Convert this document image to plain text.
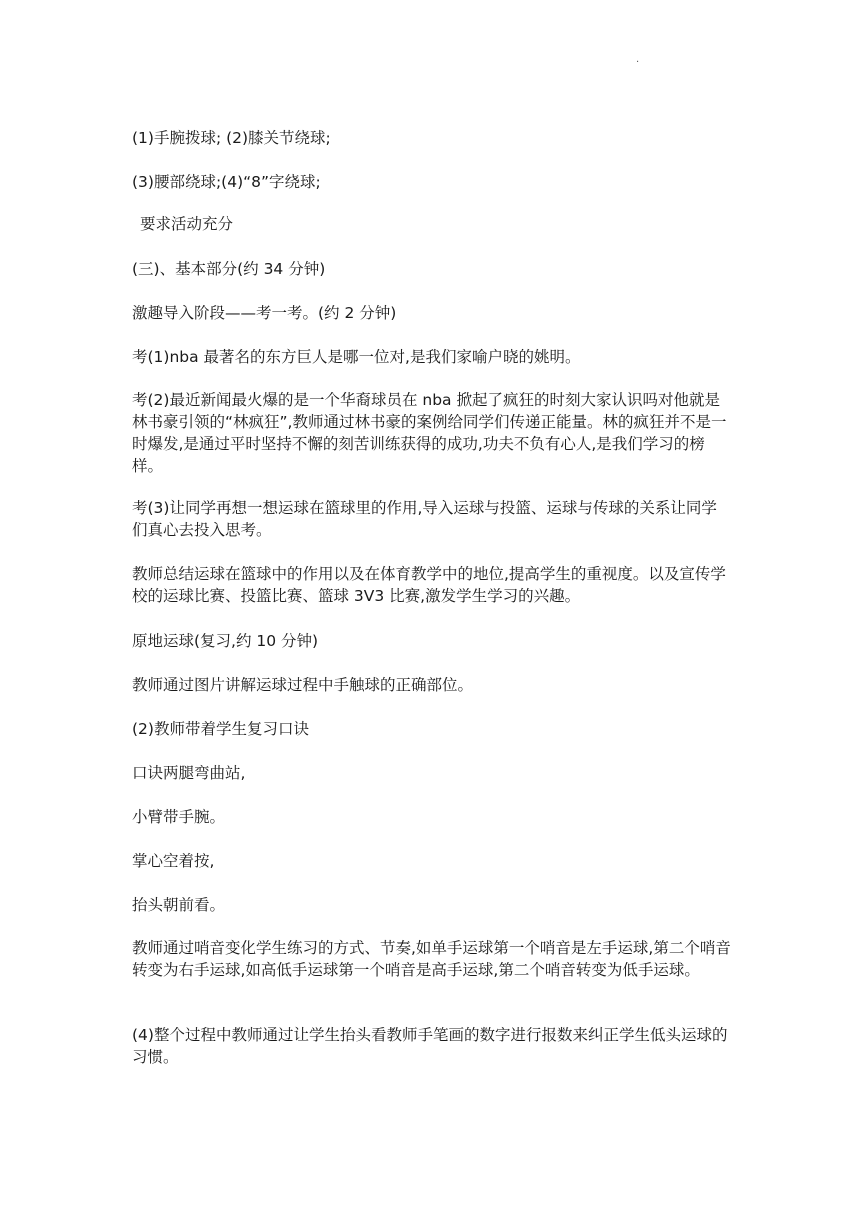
·

(1)手腕拨球; (2)膝关节绕球;

(3)腰部绕球;(4)“8”字绕球;

要求活动充分

(三)、基本部分(约 34 分钟)

激趣导入阶段——考一考。(约 2 分钟)

考(1)nba 最著名的东方巨人是哪一位对,是我们家喻户晓的姚明。

考(2)最近新闻最火爆的是一个华裔球员在 nba 掀起了疯狂的时刻大家认识吗对他就是林书豪引领的“林疯狂”,教师通过林书豪的案例给同学们传递正能量。林的疯狂并不是一时爆发,是通过平时坚持不懈的刻苦训练获得的成功,功夫不负有心人,是我们学习的榜样。

考(3)让同学再想一想运球在篮球里的作用,导入运球与投篮、运球与传球的关系让同学们真心去投入思考。

教师总结运球在篮球中的作用以及在体育教学中的地位,提高学生的重视度。以及宣传学校的运球比赛、投篮比赛、篮球 3V3 比赛,激发学生学习的兴趣。

原地运球(复习,约 10 分钟)

教师通过图片讲解运球过程中手触球的正确部位。

(2)教师带着学生复习口诀

口诀两腿弯曲站,

小臂带手腕。

掌心空着按,

抬头朝前看。

教师通过哨音变化学生练习的方式、节奏,如单手运球第一个哨音是左手运球,第二个哨音转变为右手运球,如高低手运球第一个哨音是高手运球,第二个哨音转变为低手运球。

(4)整个过程中教师通过让学生抬头看教师手笔画的数字进行报数来纠正学生低头运球的习惯。
